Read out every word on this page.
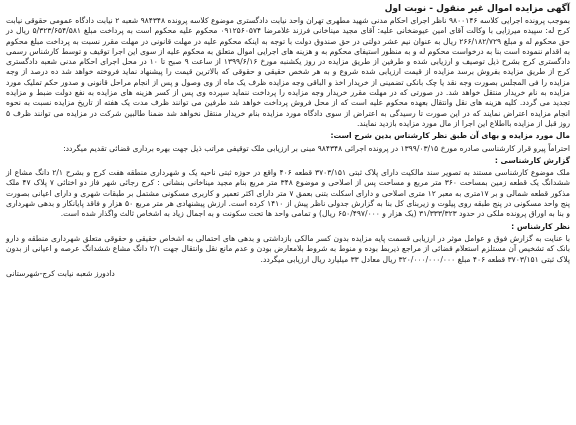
آگهی مزایده اموال غیر منقول - نوبت اول
بموجب پرونده اجرایی کلاسه ۹۸۰۰۱۴۶ ناظر اجرای احکام مدنی شهید مطهری تهران واحد نیابت دادگستری موضوع کلاسه پرونده ۹۸۴۳۴۸ شعبه ۲ نیابت دادگاه عمومی حقوقی نیابت کرج له: سپیده میرزایی با وکالت آقای امین عیوضخانی علیه: آقای مجید میناخانی فرزند غلامرضا ۰۹۱۲۵۶۰۵۷۴ محکوم علیه محکوم است به پرداخت مبلغ ۵/۳۲۳/۶۵۴/۵۸۱ ریال در حق محکوم له و مبلغ ۲۶۶/۱۸۲/۷۲۹ ریال به عنوان نیم عشر دولتی در حق صندوق دولت با توجه به اینکه محکوم علیه در مهلت قانونی در مهلت مقرر نسبت به پرداخت مبلغ محکوم به اقدام ننموده است بنا به درخواست محکوم له و به منظور استیفای محکوم به و هزینه های اجرایی اموال متعلق به محکوم علیه از سوی این اجرا توقیف و توسط کارشناس رسمی دادگستری کرج بشرح ذیل توصیف و ارزیابی شده و طرفین از طریق مزایده در روز یکشنبه مورخ ۱۳۹۹/۶/۱۶ از ساعت ۹ صبح تا ۱۰ در محل اجرای احکام مدنی شعبه دادگستری کرج از طریق مزایده بفروش برسد مزایده از قیمت ارزیابی شده شروع و به هر شخص حقیقی و حقوقی که بالاترین قیمت را پیشنهاد نماید فروخته خواهد شد ده درصد از وجه مزایده را فی المجلس بصورت وجه نقد یا چک بانکی تضمینی از خریدار اخذ و الباقی وجه مزایده ظرف یک ماه از وی وصول و پس از انجام مراحل قانونی و صدور حکم تملیک مورد مزایده به نام خریدار منتقل خواهد شد. در صورتی که در مهلت مقرر خریدار وجه مزایده را پرداخت ننماید سپرده وی پس از کسر هزینه های مزایده به نفع دولت ضبط و مزایده تجدید می گردد. کلیه هزینه های نقل وانتقال بعهده محکوم علیه است که از محل فروش پرداخت خواهد شد طرفین می توانند ظرف مدت یک هفته از تاریخ مزایده نسبت به نحوه انجام مزایده اعتراض نمایند که در این صورت تا رسیدگی به اعتراض از سوی دادگاه مورد مزایده بنام خریدار منتقل نخواهد شد ضمنا طالبین شرکت در مزایده می توانند ظرف ۵ روز قبل از مزایده بااطلاع این اجرا از مال مورد مزایده بازدید نمایند.
مال مورد مزایده و بهای آن طبق نظر کارشناس بدین شرح است:
احتراماً پیرو قرار کارشناسی صادره مورخ ۱۳۹۹/۰۳/۱۵ در پرونده اجرائی ۹۸۴۳۴۸ مبنی بر ارزیابی ملک توقیفی مراتب ذیل جهت بهره برداری قضائی تقدیم میگردد:
گزارش کارشناسی :
ملک موضوع کارشناسی مستند به تصویر سند مالکیت دارای پلاک ثبتی ۳۷۰۳/۱۵۱ قطعه ۴۰۶ واقع در حوزه ثبتی ناحیه یک و شهرداری منطقه هفت کرج و بشرح ۲/۱ دانگ مشاع از ششدانگ یک قطعه زمین بمساحت ۳۶۰ متر مربع و مساحت پس از اصلاحی و موضوع ۳۴۸ متر مربع بنام مجید میناخانی بنشانی : کرج رجائی شهر فاز دو اختائی ۷ پلاک ۴۷ ملک مذکور قطعه شمالی و بر ۱۷متری به معبر ۱۲ متری اصلاحی و دارای اسکلت بتنی بعمق ۷ متر دارای اکثر تعمیر و کاربری مسکونی مشتمل بر طبقات شهری و دارای اعیانی بصورت پنج واحد مسکونی در پنج طبقه روی پیلوت و زیربنای کل بنا به گزارش جدولی ناظر پیش از ۱۴۱۰ کرده است. ارزش پیشنهادی هر متر مربع ۵۰ هزار و فاقد پایانکار و بدهی شهرداری و بنا به اوراق پرونده ملکی در حدود ۳۱/۳۳۳/۳۲۳ (یک هزار و ۶۵۰/۴۹۷/۰۰۰ ریال) و تمامی واحد ها تحت سکونت و به اجمال زیاد به اشخاص ثالث واگذار شده است.
نظر کارشناس :
با عنایت به گزارش فوق و عوامل موثر در ارزیابی قسمت پایه مزایده بدون کسر مالکی بازداشتی و بدهی های احتمالی به اشخاص حقیقی و حقوقی متعلق شهرداری منطقه و دارو بانک که تشخیص آن مستلزم استعلام قضائی از مراجع ذیربط بوده و منوط به شروط بلامعارض بودن و عدم مانع نقل وانتقال جهت ۲/۱ دانگ مشاع ششدانگ عرصه و اعیانی از بدون پلاک ثبتی ۳۷۰۳/۱۵۱ قطعه ۴۰۶ مبلغ ۳۲۰/۰۰۰/۰۰۰/۰۰۰ ریال معادل ۳۳ میلیارد ریال ارزیابی میگردد.
دادورز شعبه نیابت کرج-شهرستانی
